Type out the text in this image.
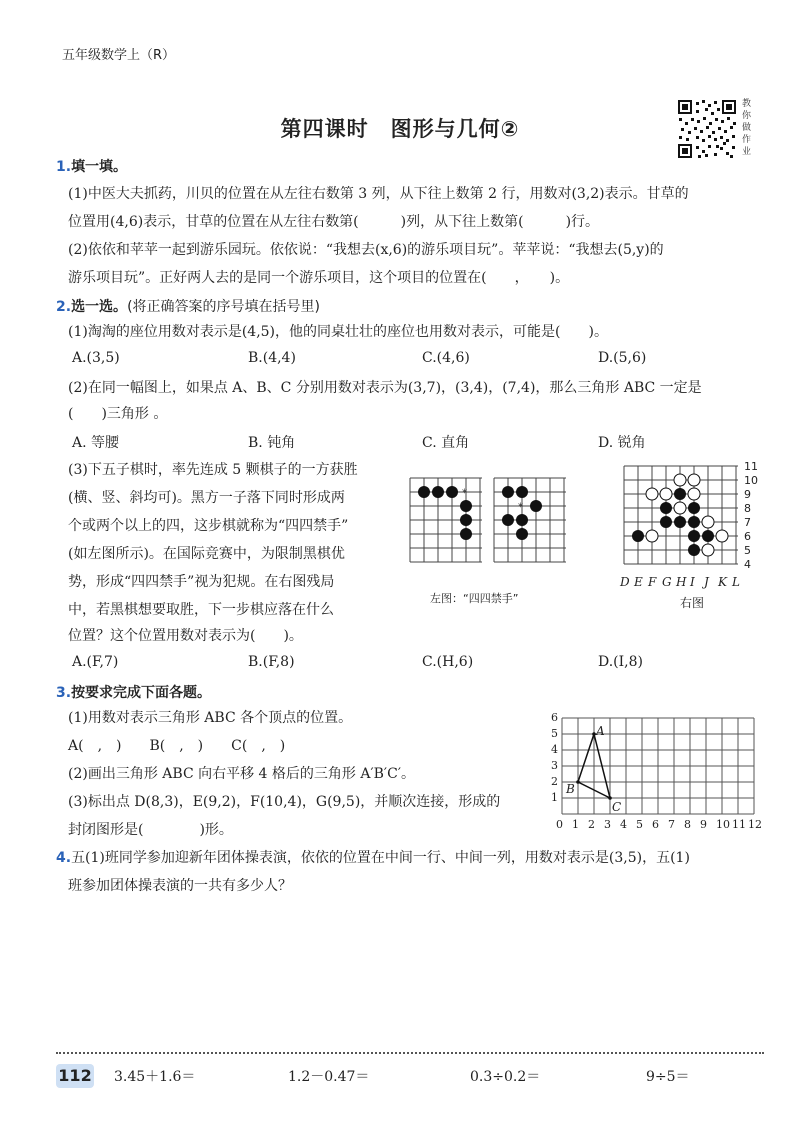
五年级数学上（R）
第四课时　图形与几何②
教
你
做
作
业
1.填一填。
(1)中医大夫抓药，川贝的位置在从左往右数第 3 列，从下往上数第 2 行，用数对(3,2)表示。甘草的
位置用(4,6)表示，甘草的位置在从左往右数第(　　　)列，从下往上数第(　　　)行。
(2)依依和苹苹一起到游乐园玩。依依说：“我想去(x,6)的游乐项目玩”。苹苹说：“我想去(5,y)的
游乐项目玩”。正好两人去的是同一个游乐项目，这个项目的位置在(　　，　　)。
2.选一选。(将正确答案的序号填在括号里)
(1)淘淘的座位用数对表示是(4,5)，他的同桌壮壮的座位也用数对表示，可能是(　　)。
A.(3,5)	B.(4,4)	C.(4,6)	D.(5,6)
(2)在同一幅图上，如果点 A、B、C 分别用数对表示为(3,7)，(3,4)，(7,4)，那么三角形 ABC 一定是
(　　)三角形 。
A. 等腰	B. 钝角	C. 直角	D. 锐角
(3)下五子棋时，率先连成 5 颗棋子的一方获胜
(横、竖、斜均可)。黑方一子落下同时形成两
个或两个以上的四，这步棋就称为“四四禁手”
(如左图所示)。在国际竞赛中，为限制黑棋优
势，形成“四四禁手”视为犯规。在右图残局
中，若黑棋想要取胜，下一步棋应落在什么
位置？这个位置用数对表示为(　　)。
*
*
左图：“四四禁手”
11
10
9
8
7
6
5
4
D E F G H I J K L
右图
A.(F,7)	B.(F,8)	C.(H,6)	D.(I,8)
3.按要求完成下面各题。
(1)用数对表示三角形 ABC 各个顶点的位置。
A(　,　)　　B(　,　)　　C(　,　)
(2)画出三角形 ABC 向右平移 4 格后的三角形 A′B′C′。
(3)标出点 D(8,3)，E(9,2)，F(10,4)，G(9,5)，并顺次连接，形成的
封闭图形是(　　　　)形。
A
B
C
6
5
4
3
2
1
0 1 2 3 4 5 6 7 8 9 10 11 12
4.五(1)班同学参加迎新年团体操表演，依依的位置在中间一行、中间一列，用数对表示是(3,5)，五(1)
班参加团体操表演的一共有多少人？
112 3.45＋1.6＝	1.2－0.47＝	0.3÷0.2＝	9÷5＝
